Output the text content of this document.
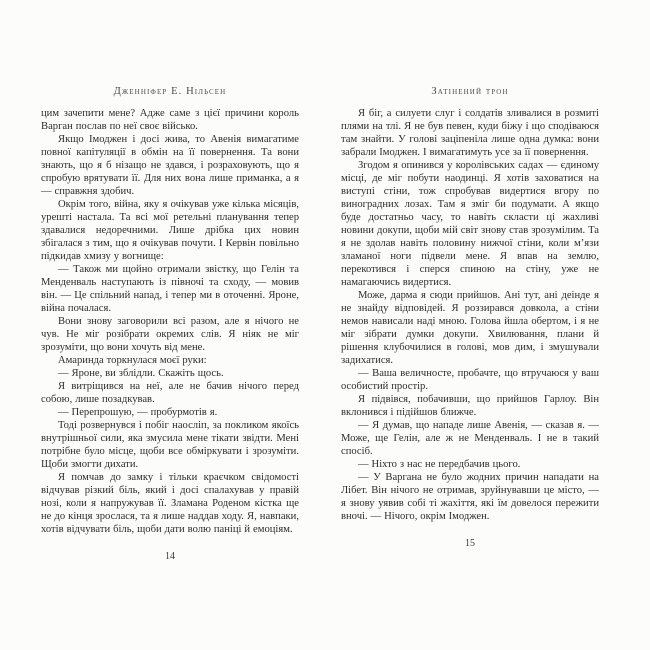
Дженніфер Е. Нільсен

цим зачепити мене? Адже саме з цієї причини король Варган послав по неї своє військо.

Якщо Імоджен і досі жива, то Авенія вимагатиме повної капітуляції в обмін на її повернення. Та вони знають, що я б нізащо не здався, і розраховують, що я спробую врятувати її. Для них вона лише приманка, а я — справжня здобич.

Окрім того, війна, яку я очікував уже кілька місяців, урешті настала. Та всі мої ретельні планування тепер здавалися недоречними. Лише дрібка цих новин збігалася з тим, що я очікував почути. І Кервін повільно підкидав хмизу у вогнище:

— Також ми щойно отримали звістку, що Гелін та Менденваль наступають із півночі та сходу, — мовив він. — Це спільний напад, і тепер ми в оточенні. Яроне, війна почалася.

Вони знову заговорили всі разом, але я нічого не чув. Не міг розібрати окремих слів. Я ніяк не міг зрозуміти, що вони хочуть від мене.

Амаринда торкнулася моєї руки:

— Яроне, ви зблідли. Скажіть щось.

Я витріщився на неї, але не бачив нічого перед собою, лише позадкував.

— Перепрошую, — пробурмотів я.

Тоді розвернувся і побіг наосліп, за покликом якоїсь внутрішньої сили, яка змусила мене тікати звідти. Мені потрібне було місце, щоби все обміркувати і зрозуміти. Щоби змогти дихати.

Я помчав до замку і тільки краєчком свідомості відчував різкий біль, який і досі спалахував у правій нозі, коли я напружував її. Зламана Роденом кістка ще не до кінця зрослася, та я лише наддав ходу. Я, навпаки, хотів відчувати біль, щоби дати волю паніці й емоціям.

14
Затінений трон

Я біг, а силуети слуг і солдатів зливалися в розмиті плями на тлі. Я не був певен, куди біжу і що сподіваюся там знайти. У голові заціпеніла лише одна думка: вони забрали Імоджен. І вимагатимуть усе за її повернення.

Згодом я опинився у королівських садах — єдиному місці, де міг побути наодинці. Я хотів заховатися на виступі стіни, тож спробував видертися вгору по виноградних лозах. Там я зміг би подумати. А якщо буде достатньо часу, то навіть скласти ці жахливі новини докупи, щоби мій світ знову став зрозумілим. Та я не здолав навіть половину нижчої стіни, коли м’язи зламаної ноги підвели мене. Я впав на землю, перекотився і сперся спиною на стіну, уже не намагаючись видертися.

Може, дарма я сюди прийшов. Ані тут, ані деінде я не знайду відповідей. Я роззирався довкола, а стіни немов нависали наді мною. Голова йшла обертом, і я не міг зібрати думки докупи. Хвилювання, плани й рішення клубочилися в голові, мов дим, і змушували задихатися.

— Ваша величносте, пробачте, що втручаюся у ваш особистий простір.

Я підвівся, побачивши, що прийшов Гарлоу. Він вклонився і підійшов ближче.

— Я думав, що нападе лише Авенія, — сказав я. — Може, ще Гелін, але ж не Менденваль. І не в такий спосіб.

— Ніхто з нас не передбачив цього.

— У Варгана не було жодних причин нападати на Лібет. Він нічого не отримав, зруйнувавши це місто, — я знову уявив собі ті жахіття, які їм довелося пережити вночі. — Нічого, окрім Імоджен.

15
